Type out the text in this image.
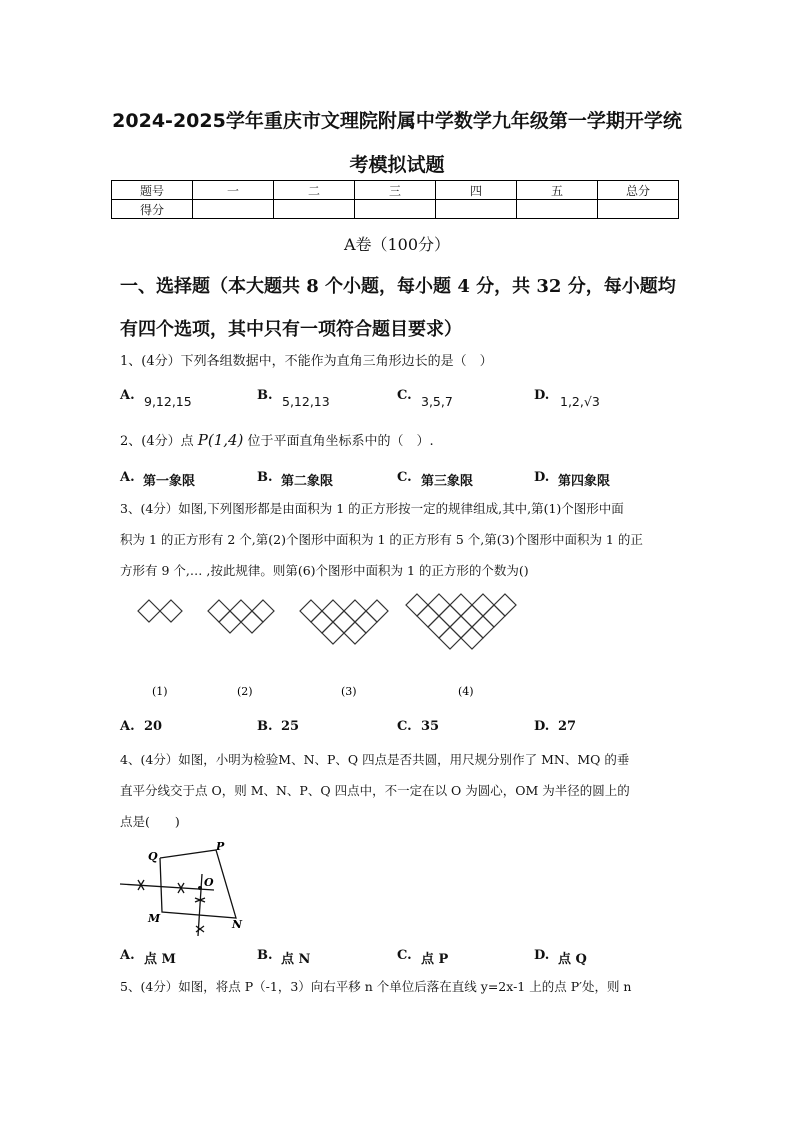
2024-2025学年重庆市文理院附属中学数学九年级第一学期开学统
考模拟试题
题号	一	二	三	四	五	总分
得分						
A卷（100分）
一、选择题（本大题共 8 个小题，每小题 4 分，共 32 分，每小题均
有四个选项，其中只有一项符合题目要求）
1、(4分）下列各组数据中，不能作为直角三角形边长的是（　）
A. 9,12,15	B. 5,12,13	C. 3,5,7	D. 1,2,√3
2、(4分）点 P(1,4) 位于平面直角坐标系中的（　）.
A. 第一象限	B. 第二象限	C. 第三象限	D. 第四象限
3、(4分）如图,下列图形都是由面积为 1 的正方形按一定的规律组成,其中,第(1)个图形中面
积为 1 的正方形有 2 个,第(2)个图形中面积为 1 的正方形有 5 个,第(3)个图形中面积为 1 的正
方形有 9 个,… ,按此规律。则第(6)个图形中面积为 1 的正方形的个数为()
(1)	(2)	(3)	(4)
A. 20	B. 25	C. 35	D. 27
4、(4分）如图，小明为检验M、N、P、Q 四点是否共圆，用尺规分别作了 MN、MQ 的垂
直平分线交于点 O，则 M、N、P、Q 四点中，不一定在以 O 为圆心，OM 为半径的圆上的
点是(　　)
Q
P
O
M	N
A. 点 M	B. 点 N	C. 点 P	D. 点 Q
5、(4分）如图，将点 P（-1，3）向右平移 n 个单位后落在直线 y=2x-1 上的点 P′处，则 n
